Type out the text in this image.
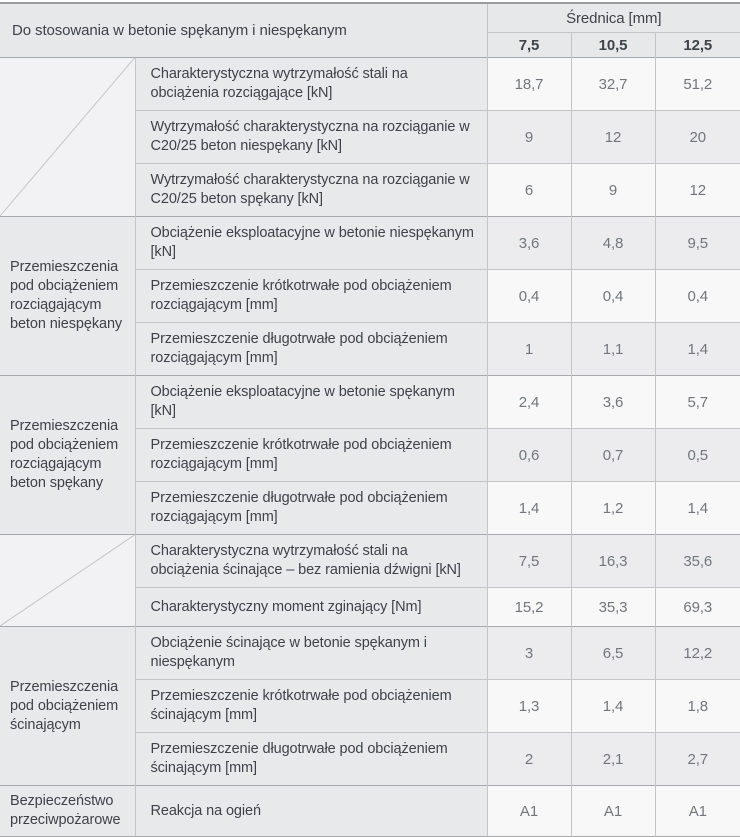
Do stosowania w betonie spękanym i niespękanym		Średnica [mm]		
		7,5	10,5	12,5

	Charakterystyczna wytrzymałość stali na obciążenia rozciągające [kN]	18,7	32,7	51,2
	Wytrzymałość charakterystyczna na rozciąganie w C20/25 beton niespękany [kN]	9	12	20
	Wytrzymałość charakterystyczna na rozciąganie w C20/25 beton spękany [kN]	6	9	12
Przemieszczenia pod obciążeniem rozciągającym beton niespękany	Obciążenie eksploatacyjne w betonie niespękanym [kN]	3,6	4,8	9,5
	Przemieszczenie krótkotrwałe pod obciążeniem rozciągającym [mm]	0,4	0,4	0,4
	Przemieszczenie długotrwałe pod obciążeniem rozciągającym [mm]	1	1,1	1,4
Przemieszczenia pod obciążeniem rozciągającym beton spękany	Obciążenie eksploatacyjne w betonie spękanym [kN]	2,4	3,6	5,7
	Przemieszczenie krótkotrwałe pod obciążeniem rozciągającym [mm]	0,6	0,7	0,5
	Przemieszczenie długotrwałe pod obciążeniem rozciągającym [mm]	1,4	1,2	1,4

	Charakterystyczna wytrzymałość stali na obciążenia ścinające – bez ramienia dźwigni [kN]	7,5	16,3	35,6
	Charakterystyczny moment zginający [Nm]	15,2	35,3	69,3
Przemieszczenia pod obciążeniem ścinającym	Obciążenie ścinające w betonie spękanym i niespękanym	3	6,5	12,2
	Przemieszczenie krótkotrwałe pod obciążeniem ścinającym [mm]	1,3	1,4	1,8
	Przemieszczenie długotrwałe pod obciążeniem ścinającym [mm]	2	2,1	2,7
Bezpieczeństwo przeciwpożarowe	Reakcja na ogień	A1	A1	A1
